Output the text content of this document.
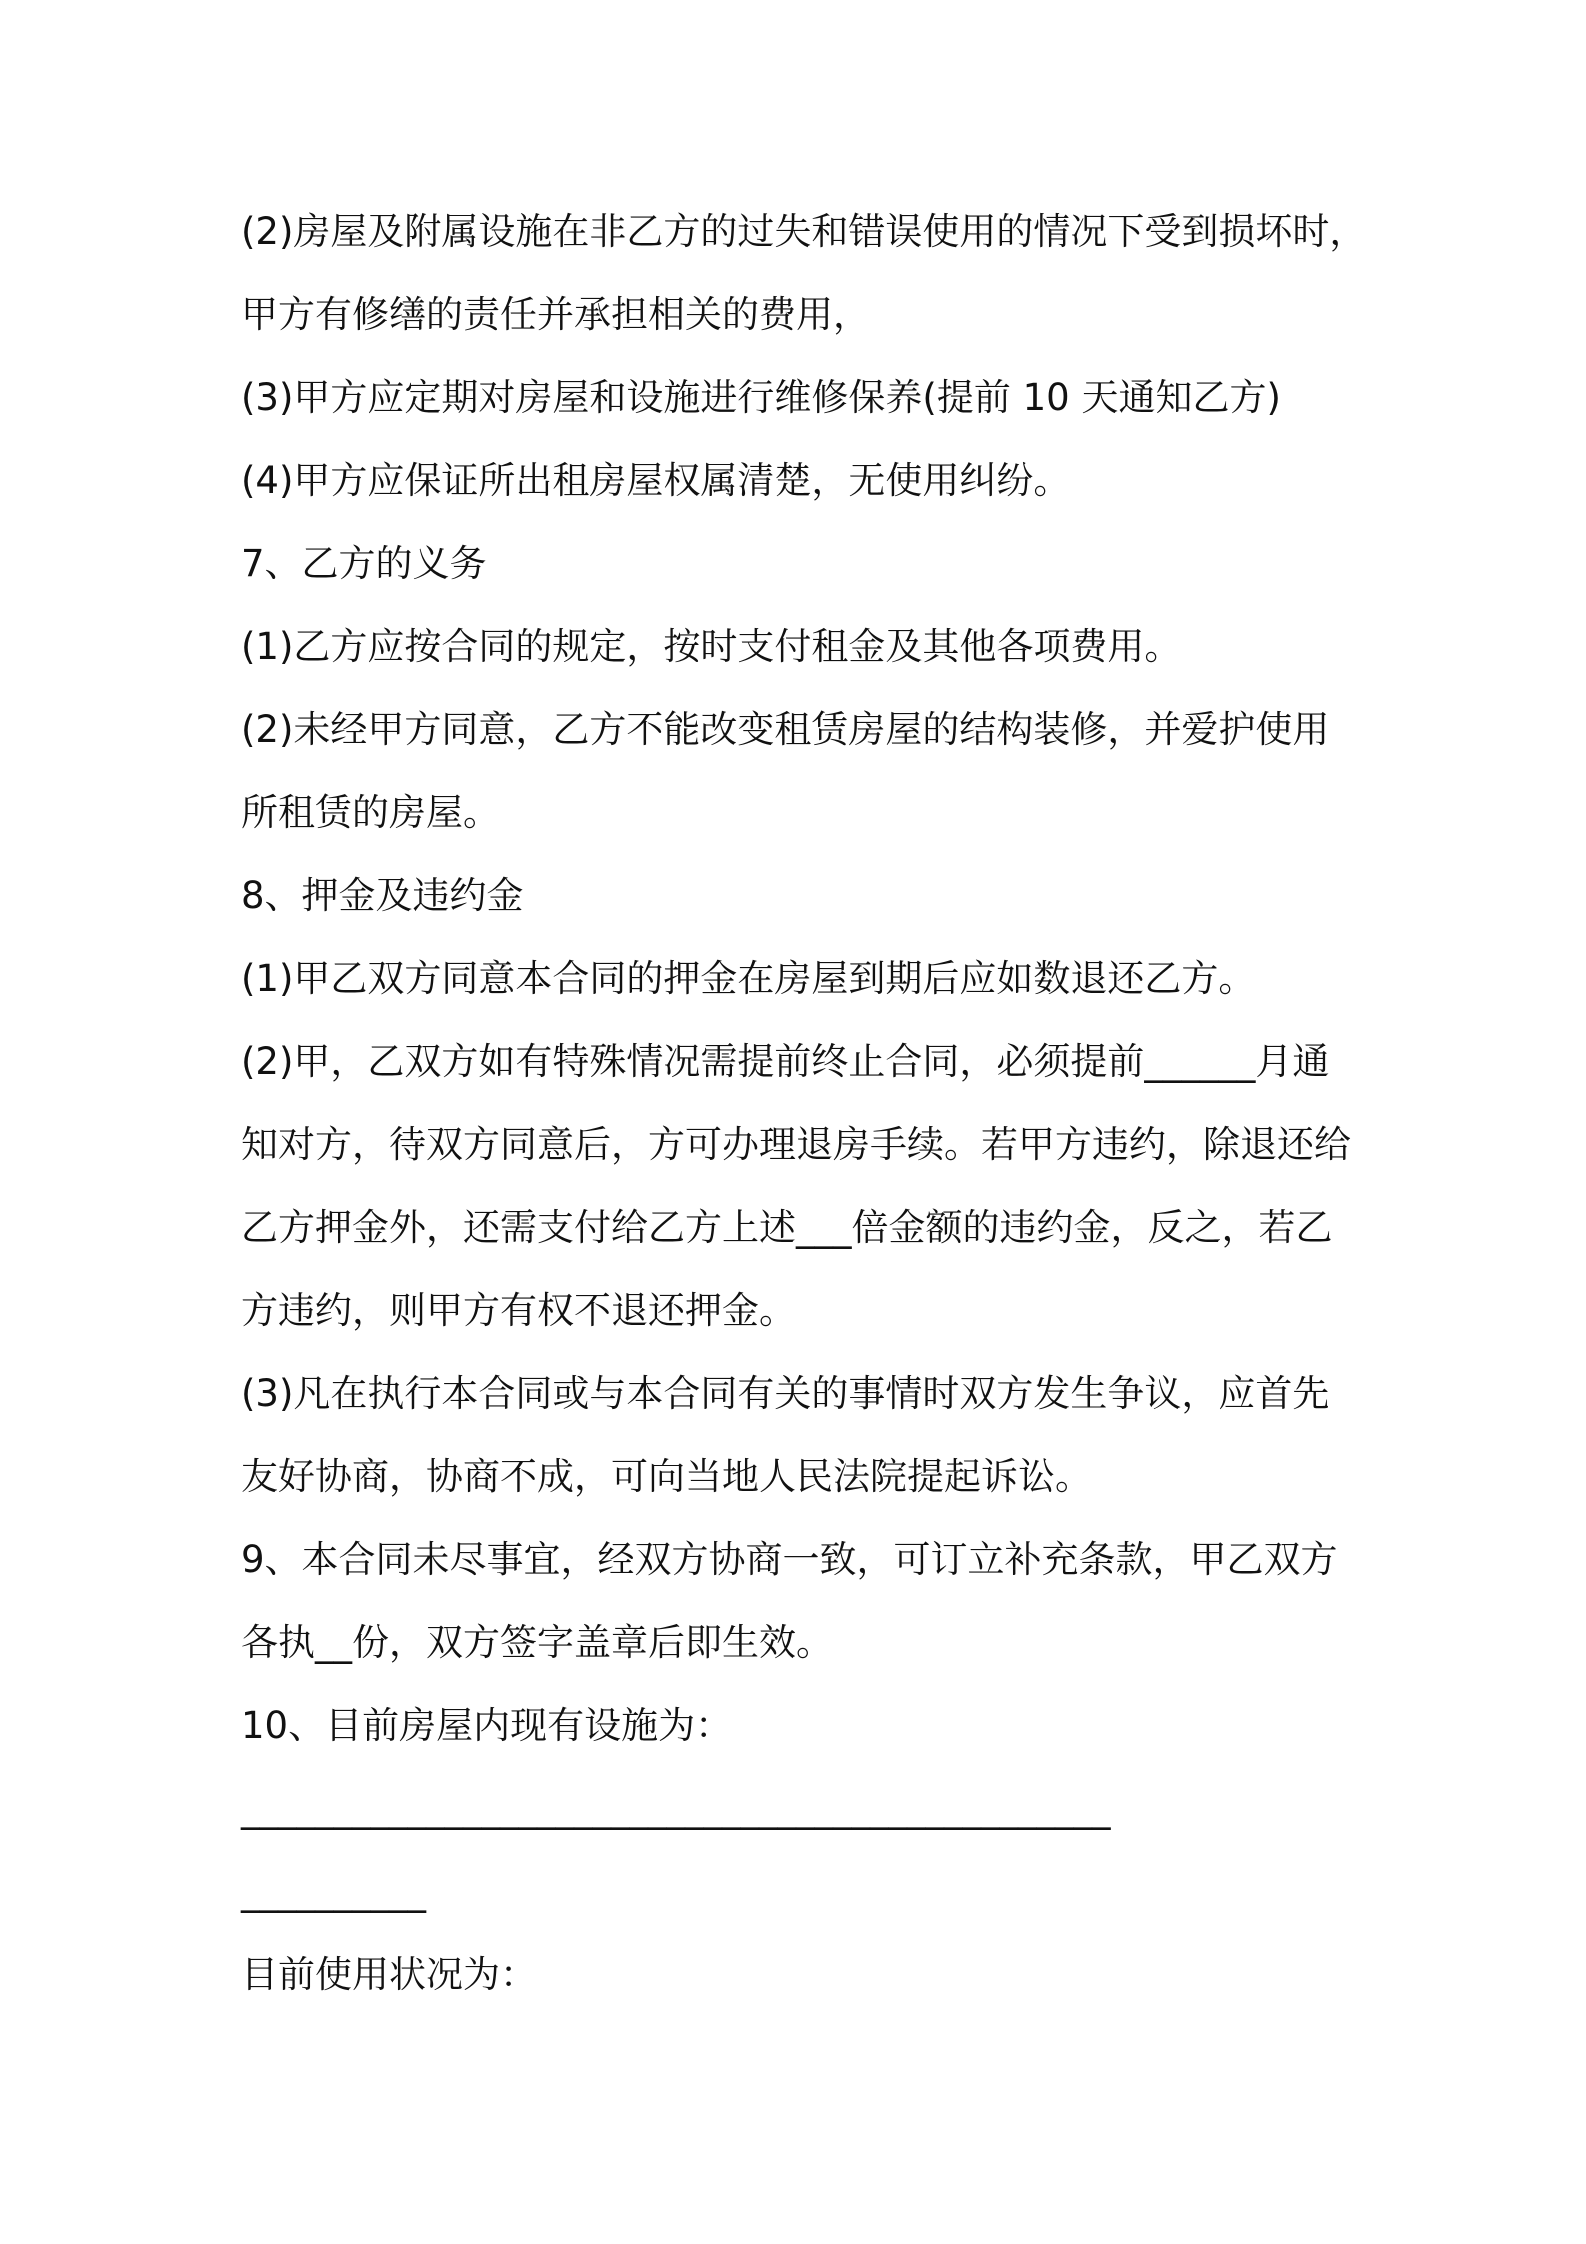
(2)房屋及附属设施在非乙方的过失和错误使用的情况下受到损坏时，
甲方有修缮的责任并承担相关的费用，
(3)甲方应定期对房屋和设施进行维修保养(提前 10 天通知乙方)
(4)甲方应保证所出租房屋权属清楚，无使用纠纷。
7、乙方的义务
(1)乙方应按合同的规定，按时支付租金及其他各项费用。
(2)未经甲方同意，乙方不能改变租赁房屋的结构装修，并爱护使用
所租赁的房屋。
8、押金及违约金
(1)甲乙双方同意本合同的押金在房屋到期后应如数退还乙方。
(2)甲，乙双方如有特殊情况需提前终止合同，必须提前______月通
知对方，待双方同意后，方可办理退房手续。若甲方违约，除退还给
乙方押金外，还需支付给乙方上述___倍金额的违约金，反之，若乙
方违约，则甲方有权不退还押金。
(3)凡在执行本合同或与本合同有关的事情时双方发生争议，应首先
友好协商，协商不成，可向当地人民法院提起诉讼。
9、本合同未尽事宜，经双方协商一致，可订立补充条款，甲乙双方
各执__份，双方签字盖章后即生效。
10、目前房屋内现有设施为：
_______________________________________________
__________
目前使用状况为：
